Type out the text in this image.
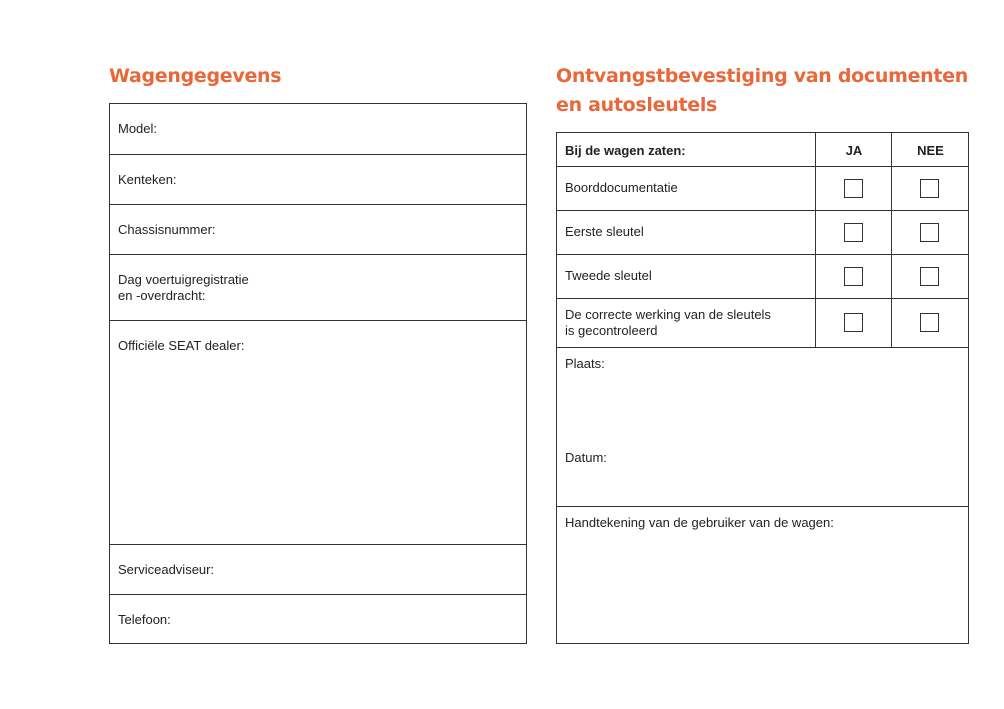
Wagengegevens
Model:
Kenteken:
Chassisnummer:
Dag voertuigregistratie
en -overdracht:
Officiële SEAT dealer:
Serviceadviseur:
Telefoon:
Ontvangstbevestiging van documenten
en autosleutels
Bij de wagen zaten:	JA	NEE
Boorddocumentatie
Eerste sleutel
Tweede sleutel
De correcte werking van de sleutels
is gecontroleerd
Plaats:
Datum:
Handtekening van de gebruiker van de wagen:
